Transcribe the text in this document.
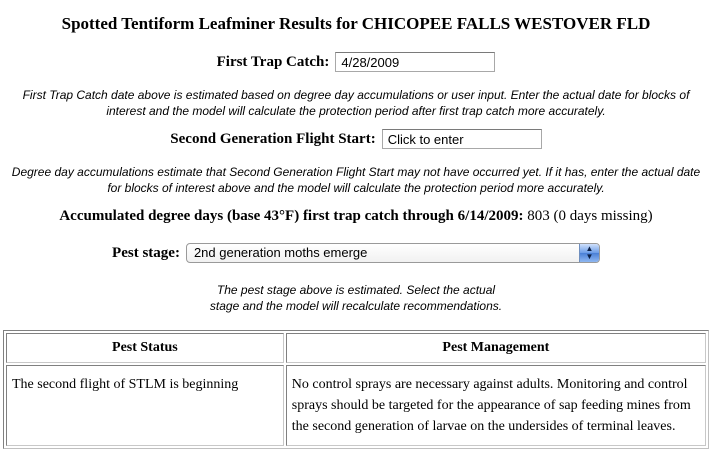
Spotted Tentiform Leafminer Results for CHICOPEE FALLS WESTOVER FLD
First Trap Catch:
4/28/2009
First Trap Catch date above is estimated based on degree day accumulations or user input. Enter the actual date for blocks of
interest and the model will calculate the protection period after first trap catch more accurately.
Second Generation Flight Start:
Click to enter
Degree day accumulations estimate that Second Generation Flight Start may not have occurred yet. If it has, enter the actual date
for blocks of interest above and the model will calculate the protection period more accurately.
Accumulated degree days (base 43°F) first trap catch through 6/14/2009: 803 (0 days missing)
Pest stage:	2nd generation moths emerge	▲
▼
The pest stage above is estimated. Select the actual
stage and the model will recalculate recommendations.
Pest Status	Pest Management
The second flight of STLM is beginning	No control sprays are necessary against adults. Monitoring and control sprays should be targeted for the appearance of sap feeding mines from the second generation of larvae on the undersides of terminal leaves.
